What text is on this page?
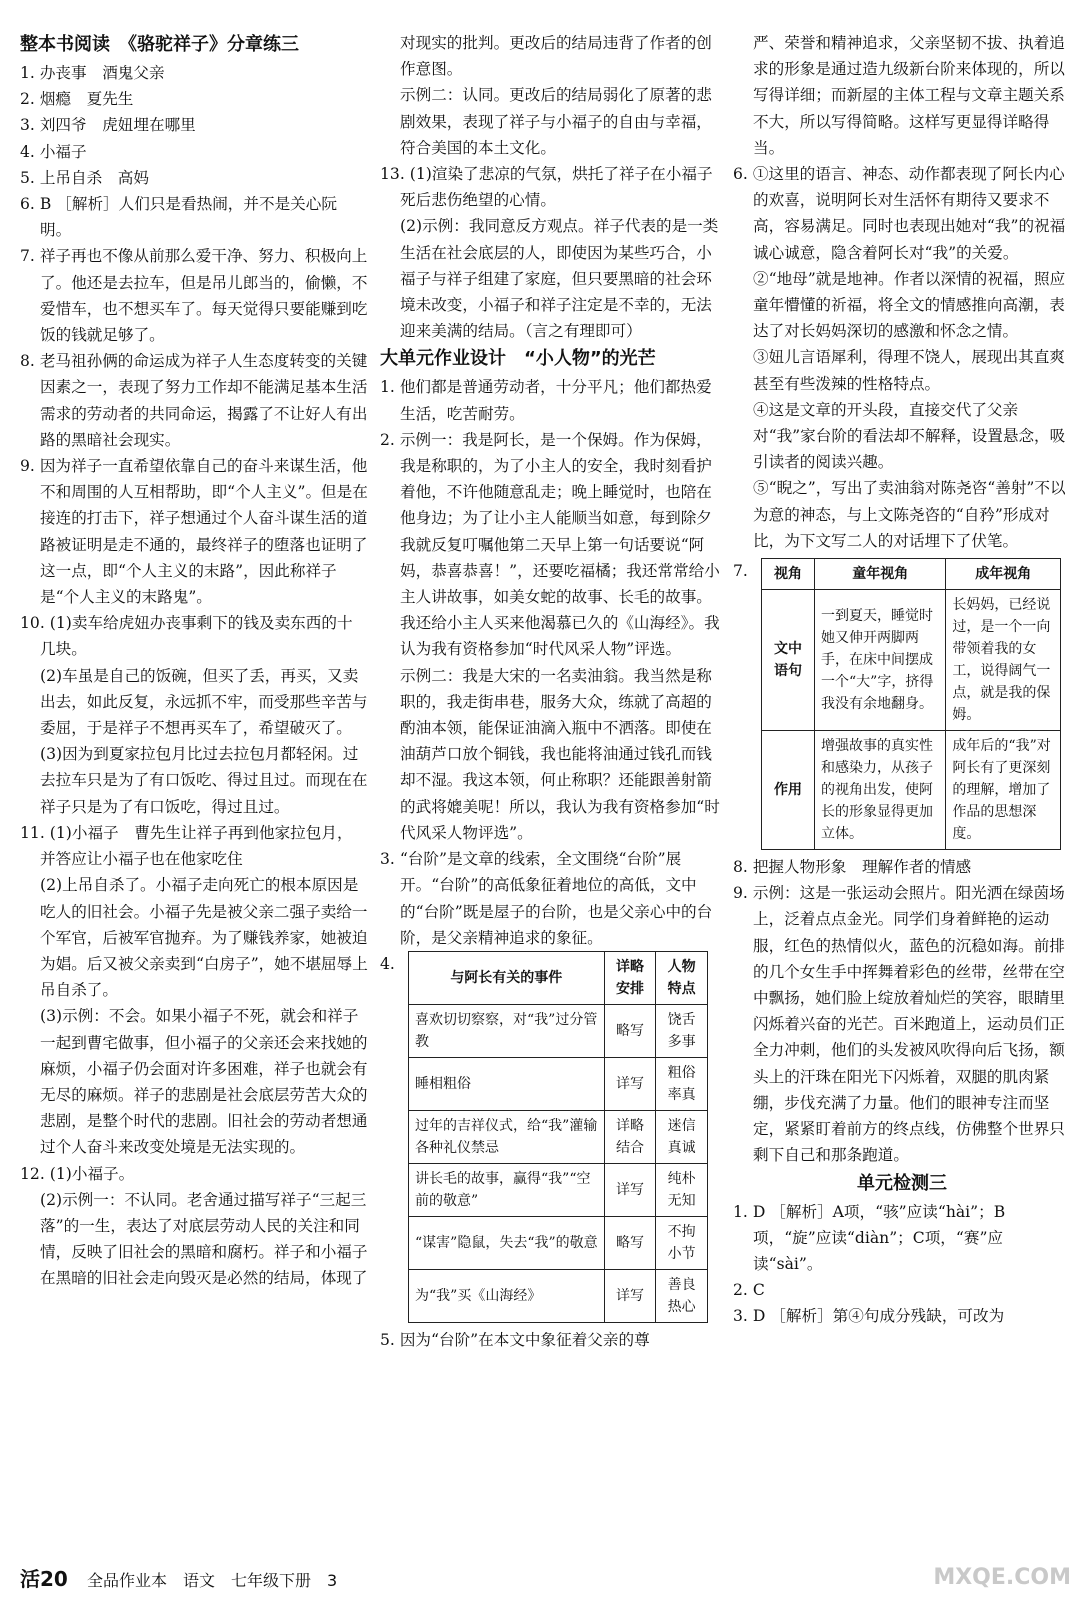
整本书阅读　《骆驼祥子》分章练三

1. 办丧事　酒鬼父亲

2. 烟瘾　夏先生

3. 刘四爷　虎妞埋在哪里

4. 小福子

5. 上吊自杀　高妈

6. B ［解析］人们只是看热闹，并不是关心阮明。

7. 祥子再也不像从前那么爱干净、努力、积极向上了。他还是去拉车，但是吊儿郎当的，偷懒，不爱惜车，也不想买车了。每天觉得只要能赚到吃饭的钱就足够了。

8. 老马祖孙俩的命运成为祥子人生态度转变的关键因素之一，表现了努力工作却不能满足基本生活需求的劳动者的共同命运，揭露了不让好人有出路的黑暗社会现实。

9. 因为祥子一直希望依靠自己的奋斗来谋生活，他不和周围的人互相帮助，即“个人主义”。但是在接连的打击下，祥子想通过个人奋斗谋生活的道路被证明是走不通的，最终祥子的堕落也证明了这一点，即“个人主义的末路”，因此称祥子是“个人主义的末路鬼”。

10. (1)卖车给虎妞办丧事剩下的钱及卖东西的十几块。

(2)车虽是自己的饭碗，但买了丢，再买，又卖出去，如此反复，永远抓不牢，而受那些辛苦与委屈，于是祥子不想再买车了，希望破灭了。

(3)因为到夏家拉包月比过去拉包月都轻闲。过去拉车只是为了有口饭吃、得过且过。而现在在祥子只是为了有口饭吃，得过且过。

11. (1)小福子　曹先生让祥子再到他家拉包月，并答应让小福子也在他家吃住

(2)上吊自杀了。小福子走向死亡的根本原因是吃人的旧社会。小福子先是被父亲二强子卖给一个军官，后被军官抛弃。为了赚钱养家，她被迫为娼。后又被父亲卖到“白房子”，她不堪屈辱上吊自杀了。

(3)示例：不会。如果小福子不死，就会和祥子一起到曹宅做事，但小福子的父亲还会来找她的麻烦，小福子仍会面对许多困难，祥子也就会有无尽的麻烦。祥子的悲剧是社会底层劳苦大众的悲剧，是整个时代的悲剧。旧社会的劳动者想通过个人奋斗来改变处境是无法实现的。

12. (1)小福子。

(2)示例一：不认同。老舍通过描写祥子“三起三落”的一生，表达了对底层劳动人民的关注和同情，反映了旧社会的黑暗和腐朽。祥子和小福子在黑暗的旧社会走向毁灭是必然的结局，体现了

对现实的批判。更改后的结局违背了作者的创作意图。

示例二：认同。更改后的结局弱化了原著的悲剧效果，表现了祥子与小福子的自由与幸福，符合美国的本土文化。

13. (1)渲染了悲凉的气氛，烘托了祥子在小福子死后悲伤绝望的心情。

(2)示例：我同意反方观点。祥子代表的是一类生活在社会底层的人，即使因为某些巧合，小福子与祥子组建了家庭，但只要黑暗的社会环境未改变，小福子和祥子注定是不幸的，无法迎来美满的结局。（言之有理即可）

大单元作业设计　“小人物”的光芒

1. 他们都是普通劳动者，十分平凡；他们都热爱生活，吃苦耐劳。

2. 示例一：我是阿长，是一个保姆。作为保姆，我是称职的，为了小主人的安全，我时刻看护着他，不许他随意乱走；晚上睡觉时，也陪在他身边；为了让小主人能顺当如意，每到除夕我就反复叮嘱他第二天早上第一句话要说“阿妈，恭喜恭喜！”，还要吃福橘；我还常常给小主人讲故事，如美女蛇的故事、长毛的故事。我还给小主人买来他渴慕已久的《山海经》。我认为我有资格参加“时代风采人物”评选。

示例二：我是大宋的一名卖油翁。我当然是称职的，我走街串巷，服务大众，练就了高超的酌油本领，能保证油滴入瓶中不洒落。即使在油葫芦口放个铜钱，我也能将油通过钱孔而钱却不湿。我这本领，何止称职？还能跟善射箭的武将媲美呢！所以，我认为我有资格参加“时代风采人物评选”。

3. “台阶”是文章的线索，全文围绕“台阶”展开。“台阶”的高低象征着地位的高低，文中的“台阶”既是屋子的台阶，也是父亲心中的台阶，是父亲精神追求的象征。

4.
与阿长有关的事件	详略安排	人物特点
喜欢切切察察，对“我”过分管教	略写	饶舌多事
睡相粗俗	详写	粗俗率真
过年的吉祥仪式，给“我”灌输各种礼仪禁忌	详略结合	迷信真诚
讲长毛的故事，赢得“我”“空前的敬意”	详写	纯朴无知
“谋害”隐鼠，失去“我”的敬意	略写	不拘小节
为“我”买《山海经》	详写	善良热心

5. 因为“台阶”在本文中象征着父亲的尊

严、荣誉和精神追求，父亲坚韧不拔、执着追求的形象是通过造九级新台阶来体现的，所以写得详细；而新屋的主体工程与文章主题关系不大，所以写得简略。这样写更显得详略得当。

6. ①这里的语言、神态、动作都表现了阿长内心的欢喜，说明阿长对生活怀有期待又要求不高，容易满足。同时也表现出她对“我”的祝福诚心诚意，隐含着阿长对“我”的关爱。

②“地母”就是地神。作者以深情的祝福，照应童年懵懂的祈福，将全文的情感推向高潮，表达了对长妈妈深切的感激和怀念之情。

③妞儿言语犀利，得理不饶人，展现出其直爽甚至有些泼辣的性格特点。

④这是文章的开头段，直接交代了父亲对“我”家台阶的看法却不解释，设置悬念，吸引读者的阅读兴趣。

⑤“睨之”，写出了卖油翁对陈尧咨“善射”不以为意的神态，与上文陈尧咨的“自矜”形成对比，为下文写二人的对话埋下了伏笔。

7.	视角	童年视角	成年视角
文中语句	一到夏天，睡觉时她又伸开两脚两手，在床中间摆成一个“大”字，挤得我没有余地翻身。	长妈妈，已经说过，是一个一向带领着我的女工，说得阔气一点，就是我的保姆。
作用	增强故事的真实性和感染力，从孩子的视角出发，使阿长的形象显得更加立体。	成年后的“我”对阿长有了更深刻的理解，增加了作品的思想深度。

8. 把握人物形象　理解作者的情感

9. 示例：这是一张运动会照片。阳光洒在绿茵场上，泛着点点金光。同学们身着鲜艳的运动服，红色的热情似火，蓝色的沉稳如海。前排的几个女生手中挥舞着彩色的丝带，丝带在空中飘扬，她们脸上绽放着灿烂的笑容，眼睛里闪烁着兴奋的光芒。百米跑道上，运动员们正全力冲刺，他们的头发被风吹得向后飞扬，额头上的汗珠在阳光下闪烁着，双腿的肌肉紧绷，步伐充满了力量。他们的眼神专注而坚定，紧紧盯着前方的终点线，仿佛整个世界只剩下自己和那条跑道。

单元检测三

1. D ［解析］A项，“骇”应读“hài”；B项，“旋”应读“diàn”；C项，“赛”应读“sài”。

2. C

3. D ［解析］第④句成分残缺，可改为

活20 全品作业本　语文　七年级下册　3	MXQE.COM
